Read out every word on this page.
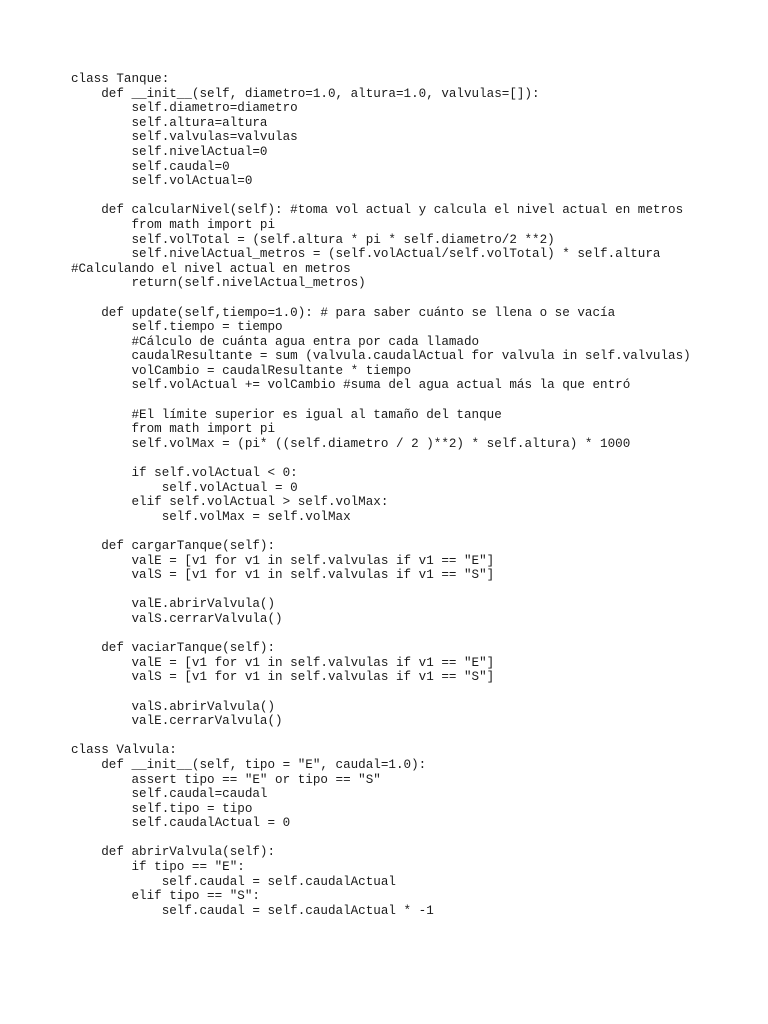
class Tanque:
def __init__(self, diametro=1.0, altura=1.0, valvulas=[]):
self.diametro=diametro
self.altura=altura
self.valvulas=valvulas
self.nivelActual=0
self.caudal=0
self.volActual=0
def calcularNivel(self): #toma vol actual y calcula el nivel actual en metros
from math import pi
self.volTotal = (self.altura * pi * self.diametro/2 **2)
self.nivelActual_metros = (self.volActual/self.volTotal) * self.altura
#Calculando el nivel actual en metros
return(self.nivelActual_metros)
def update(self,tiempo=1.0): # para saber cuánto se llena o se vacía
self.tiempo = tiempo
#Cálculo de cuánta agua entra por cada llamado
caudalResultante = sum (valvula.caudalActual for valvula in self.valvulas)
volCambio = caudalResultante * tiempo
self.volActual += volCambio #suma del agua actual más la que entró
#El límite superior es igual al tamaño del tanque
from math import pi
self.volMax = (pi* ((self.diametro / 2 )**2) * self.altura) * 1000
if self.volActual < 0:
self.volActual = 0
elif self.volActual > self.volMax:
self.volMax = self.volMax
def cargarTanque(self):
valE = [v1 for v1 in self.valvulas if v1 == "E"]
valS = [v1 for v1 in self.valvulas if v1 == "S"]
valE.abrirValvula()
valS.cerrarValvula()
def vaciarTanque(self):
valE = [v1 for v1 in self.valvulas if v1 == "E"]
valS = [v1 for v1 in self.valvulas if v1 == "S"]
valS.abrirValvula()
valE.cerrarValvula()
class Valvula:
def __init__(self, tipo = "E", caudal=1.0):
assert tipo == "E" or tipo == "S"
self.caudal=caudal
self.tipo = tipo
self.caudalActual = 0
def abrirValvula(self):
if tipo == "E":
self.caudal = self.caudalActual
elif tipo == "S":
self.caudal = self.caudalActual * -1
